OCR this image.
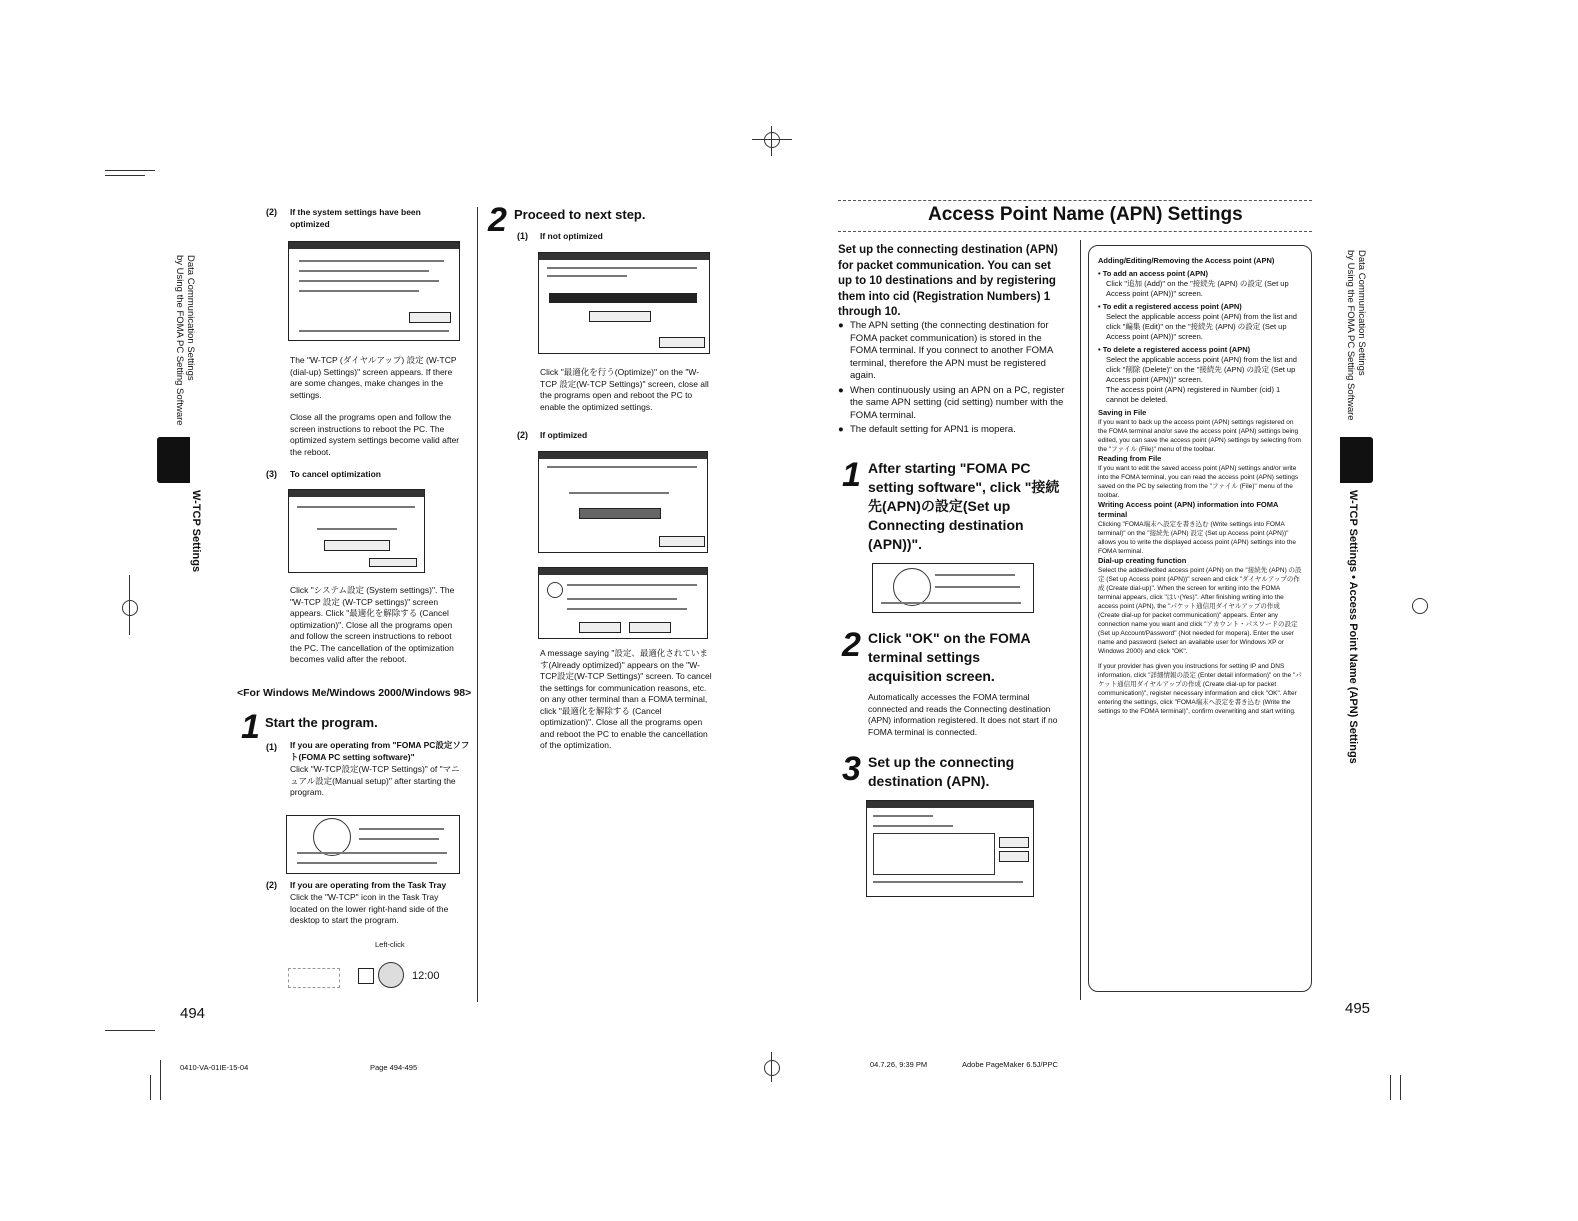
Data Communication Settings
by Using the FOMA PC Setting Software
W-TCP Settings
494
(2) If the system settings have been optimized
The "W-TCP (ダイヤルアップ) 設定 (W-TCP (dial-up) Settings)" screen appears. If there are some changes, make changes in the settings.
Close all the programs open and follow the screen instructions to reboot the PC. The optimized system settings become valid after the reboot.
(3) To cancel optimization
Click "システム設定 (System settings)". The "W-TCP 設定 (W-TCP settings)" screen appears. Click "最適化を解除する (Cancel optimization)". Close all the programs open and follow the screen instructions to reboot the PC. The cancellation of the optimization becomes valid after the reboot.
<For Windows Me/Windows 2000/Windows 98>
1 Start the program.
(1) If you are operating from "FOMA PC設定ソフト(FOMA PC setting software)"
Click "W-TCP設定(W-TCP Settings)" of "マニュアル設定(Manual setup)" after starting the program.
(2) If you are operating from the Task Tray
Click the "W-TCP" icon in the Task Tray located on the lower right-hand side of the desktop to start the program.
Left-click
12:00
2 Proceed to next step.
(1) If not optimized
Click "最適化を行う(Optimize)" on the "W-TCP 設定(W-TCP Settings)" screen, close all the programs open and reboot the PC to enable the optimized settings.
(2) If optimized
A message saying "設定、最適化されています(Already optimized)" appears on the "W-TCP設定(W-TCP Settings)" screen. To cancel the settings for communication reasons, etc. on any other terminal than a FOMA terminal, click "最適化を解除する (Cancel optimization)". Close all the programs open and reboot the PC to enable the cancellation of the optimization.
0410-VA-01IE-15-04	Page 494-495
Access Point Name (APN) Settings
Set up the connecting destination (APN) for packet communication. You can set up to 10 destinations and by registering them into cid (Registration Numbers) 1 through 10.
● The APN setting (the connecting destination for FOMA packet communication) is stored in the FOMA terminal. If you connect to another FOMA terminal, therefore the APN must be registered again.
● When continuously using an APN on a PC, register the same APN setting (cid setting) number with the FOMA terminal.
● The default setting for APN1 is mopera.
1 After starting "FOMA PC setting software", click "接続先(APN)の設定(Set up Connecting destination (APN))".
2 Click "OK" on the FOMA terminal settings acquisition screen.
Automatically accesses the FOMA terminal connected and reads the Connecting destination (APN) information registered. It does not start if no FOMA terminal is connected.
3 Set up the connecting destination (APN).
Adding/Editing/Removing the Access point (APN)
• To add an access point (APN)
Click "追加 (Add)" on the "接続先 (APN) の設定 (Set up Access point (APN))" screen.
• To edit a registered access point (APN)
Select the applicable access point (APN) from the list and click "編集 (Edit)" on the "接続先 (APN) の設定 (Set up Access point (APN))" screen.
• To delete a registered access point (APN)
Select the applicable access point (APN) from the list and click "削除 (Delete)" on the "接続先 (APN) の設定 (Set up Access point (APN))" screen.
The access point (APN) registered in Number (cid) 1 cannot be deleted.
Saving in File
If you want to back up the access point (APN) settings registered on the FOMA terminal and/or save the access point (APN) settings being edited, you can save the access point (APN) settings by selecting from the "ファイル (File)" menu of the toolbar.
Reading from File
If you want to edit the saved access point (APN) settings and/or write into the FOMA terminal, you can read the access point (APN) settings saved on the PC by selecting from the "ファイル (File)" menu of the toolbar.
Writing Access point (APN) information into FOMA terminal
Clicking "FOMA端末へ設定を書き込む (Write settings into FOMA terminal)" on the "接続先 (APN) 設定 (Set up Access point (APN))" allows you to write the displayed access point (APN) settings into the FOMA terminal.
Dial-up creating function
Select the added/edited access point (APN) on the "接続先 (APN) の設定 (Set up Access point (APN))" screen and click "ダイヤルアップの作成 (Create dial-up)". When the screen for writing into the FOMA terminal appears, click "はい(Yes)". After finishing writing into the access point (APN), the "パケット通信用ダイヤルアップの作成 (Create dial-up for packet communication)" appears. Enter any connection name you want and click "アカウント・パスワードの設定(Set up Account/Password" (Not needed for mopera). Enter the user name and password (select an available user for Windows XP or Windows 2000) and click "OK".
If your provider has given you instructions for setting IP and DNS information, click "詳細情報の設定 (Enter detail information)" on the "パケット通信用ダイヤルアップの作成 (Create dial-up for packet communication)", register necessary information and click "OK". After entering the settings, click "FOMA端末へ設定を書き込む (Write the settings to the FOMA terminal)", confirm overwriting and start writing.
Data Communication Settings
by Using the FOMA PC Setting Software
W-TCP Settings • Access Point Name (APN) Settings
495
04.7.26, 9:39 PM	Adobe PageMaker 6.5J/PPC
